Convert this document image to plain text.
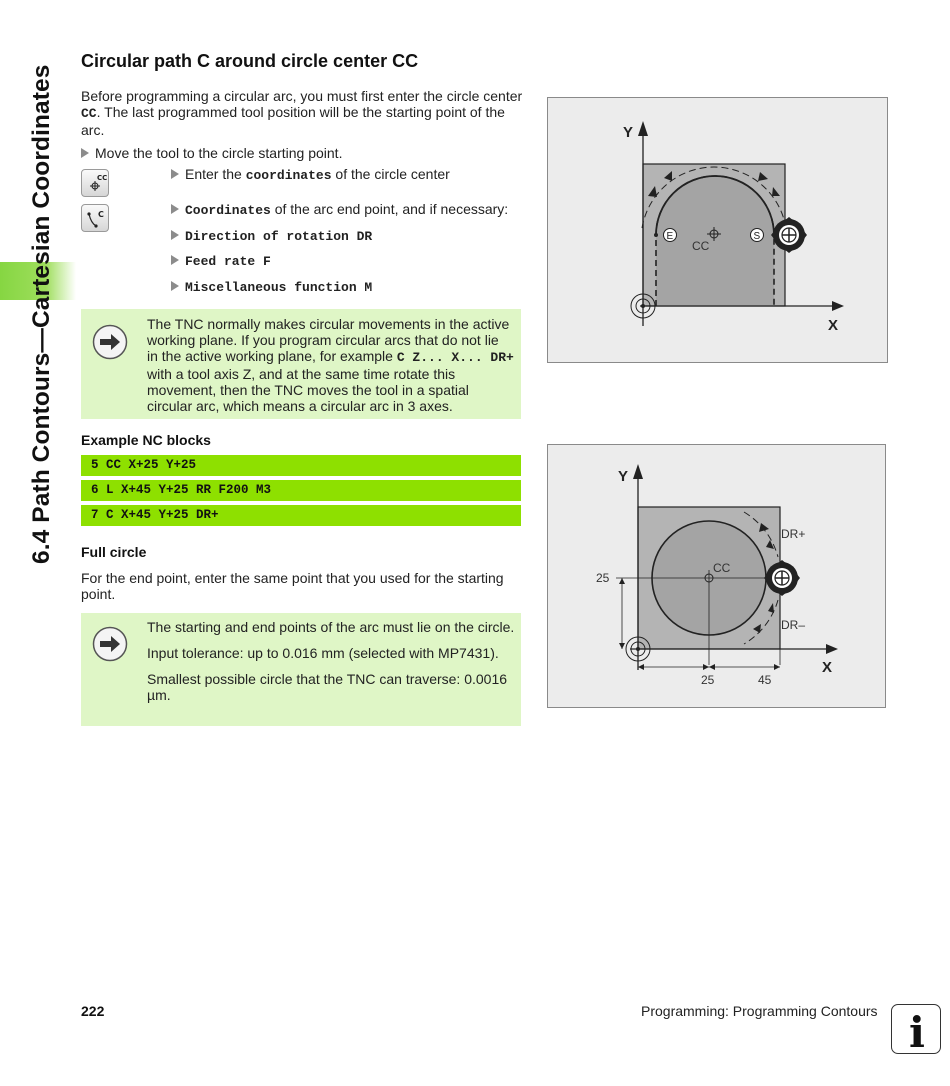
6.4 Path Contours—Cartesian Coordinates
Circular path C around circle center CC
Before programming a circular arc, you must first enter the circle center CC. The last programmed tool position will be the starting point of the arc.
Move the tool to the circle starting point.
CC	Enter the coordinates of the circle center
C	Coordinates of the arc end point, and if necessary:
Direction of rotation DR
Feed rate F
Miscellaneous function M
The TNC normally makes circular movements in the active
working plane. If you program circular arcs that do not lie
in the active working plane, for example C Z... X... DR+
with a tool axis Z, and at the same time rotate this
movement, then the TNC moves the tool in a spatial
circular arc, which means a circular arc in 3 axes.
Example NC blocks
5 CC X+25 Y+25
6 L X+45 Y+25 RR F200 M3
7 C X+45 Y+25 DR+
Full circle
For the end point, enter the same point that you used for the starting point.
The starting and end points of the arc must lie on the circle.
Input tolerance: up to 0.016 mm (selected with MP7431).
Smallest possible circle that the TNC can traverse: 0.0016 µm.
CC
E	S
Y
X
CC
DR+
DR–
25
25	45
Y
X
222	Programming: Programming Contours i
